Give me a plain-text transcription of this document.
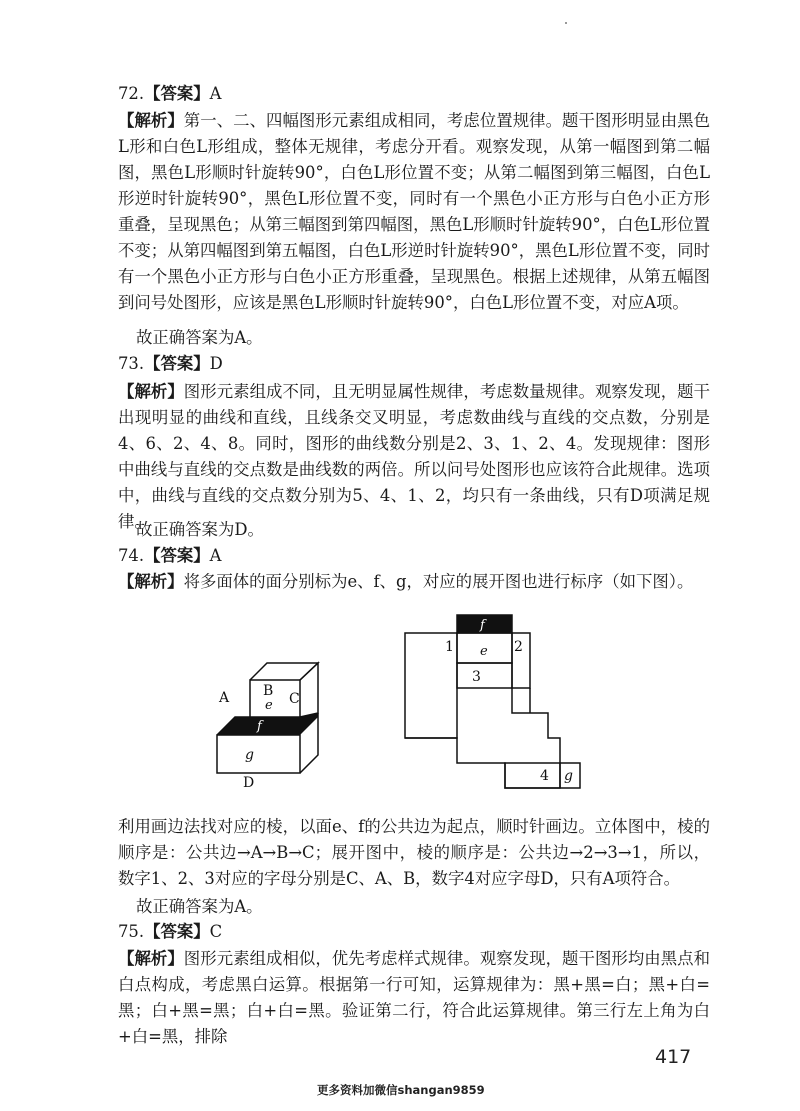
72.【答案】A
【解析】第一、二、四幅图形元素组成相同，考虑位置规律。题干图形明显由黑色L形和白色L形组成，整体无规律，考虑分开看。观察发现，从第一幅图到第二幅图，黑色L形顺时针旋转90°，白色L形位置不变；从第二幅图到第三幅图，白色L形逆时针旋转90°，黑色L形位置不变，同时有一个黑色小正方形与白色小正方形重叠，呈现黑色；从第三幅图到第四幅图，黑色L形顺时针旋转90°，白色L形位置不变；从第四幅图到第五幅图，白色L形逆时针旋转90°，黑色L形位置不变，同时有一个黑色小正方形与白色小正方形重叠，呈现黑色。根据上述规律，从第五幅图到问号处图形，应该是黑色L形顺时针旋转90°，白色L形位置不变，对应A项。
故正确答案为A。
73.【答案】D
【解析】图形元素组成不同，且无明显属性规律，考虑数量规律。观察发现，题干出现明显的曲线和直线，且线条交叉明显，考虑数曲线与直线的交点数，分别是4、6、2、4、8。同时，图形的曲线数分别是2、3、1、2、4。发现规律：图形中曲线与直线的交点数是曲线数的两倍。所以问号处图形也应该符合此规律。选项中，曲线与直线的交点数分别为5、4、1、2，均只有一条曲线，只有D项满足规律。
故正确答案为D。
74.【答案】A
【解析】将多面体的面分别标为e、f、g，对应的展开图也进行标序（如下图）。
A B C
e
f
g
D
f
e
1	2
3
4 g
利用画边法找对应的棱，以面e、f的公共边为起点，顺时针画边。立体图中，棱的顺序是：公共边→A→B→C；展开图中，棱的顺序是：公共边→2→3→1，所以，数字1、2、3对应的字母分别是C、A、B，数字4对应字母D，只有A项符合。
故正确答案为A。
75.【答案】C
【解析】图形元素组成相似，优先考虑样式规律。观察发现，题干图形均由黑点和白点构成，考虑黑白运算。根据第一行可知，运算规律为：黑+黑=白；黑+白=黑；白+黑=黑；白+白=黑。验证第二行，符合此运算规律。第三行左上角为白+白=黑，排除
417
更多资料加微信shangan9859
